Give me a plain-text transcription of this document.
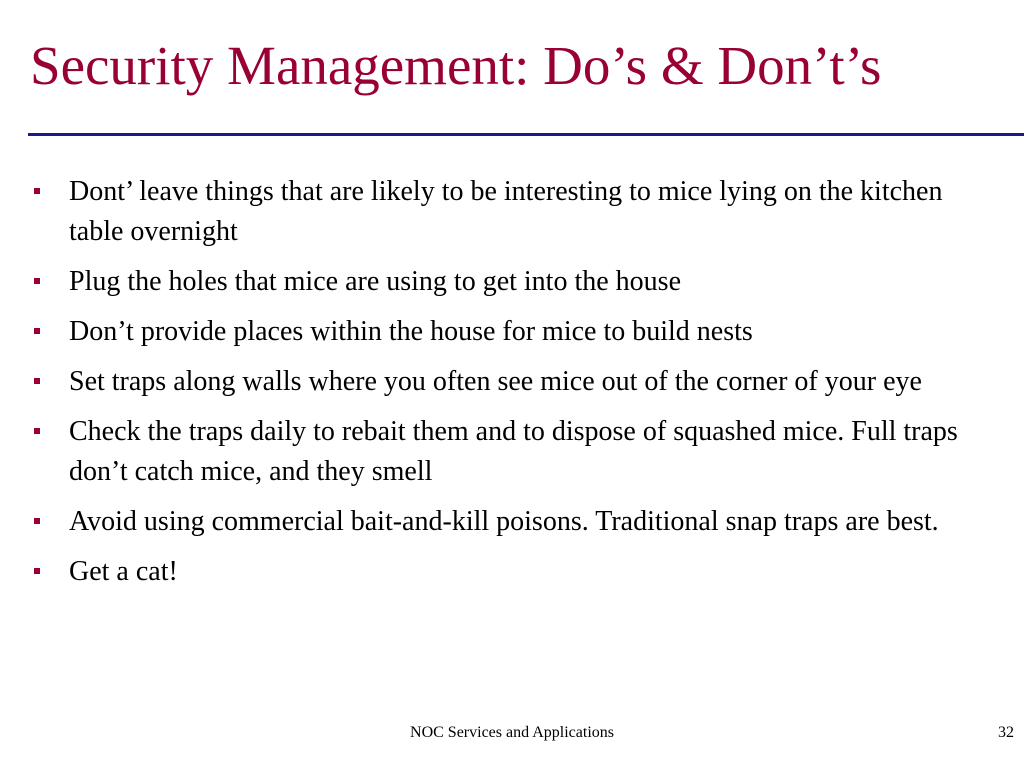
Security Management: Do’s & Don’t’s
Dont’ leave things that are likely to be interesting to mice lying on the kitchen table overnight
Plug the holes that mice are using to get into the house
Don’t provide places within the house for mice to build nests
Set traps along walls where you often see mice out of the corner of your eye
Check the traps daily to rebait them and to dispose of squashed mice. Full traps don’t catch mice, and they smell
Avoid using commercial bait-and-kill poisons. Traditional snap traps are best.
Get a cat!
NOC Services and Applications	32
